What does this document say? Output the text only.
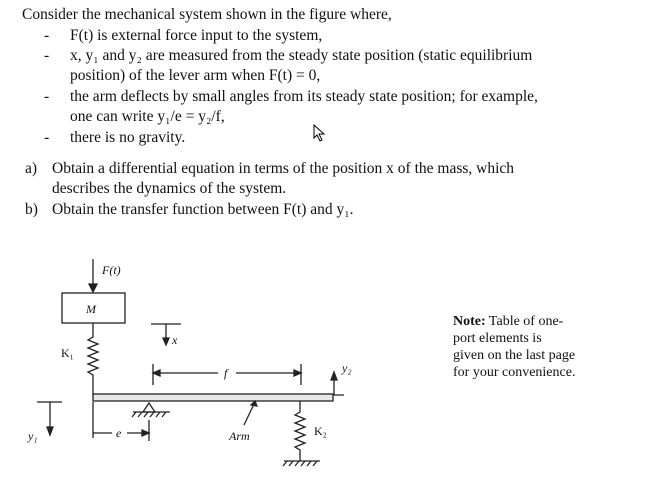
Consider the mechanical system shown in the figure where,
- F(t) is external force input to the system,
- x, y₁ and y₂ are measured from the steady state position (static equilibrium
position) of the lever arm when F(t) = 0,
- the arm deflects by small angles from its steady state position; for example,
one can write y₁/e = y₂/f,
- there is no gravity.
a) Obtain a differential equation in terms of the position x of the mass, which
describes the dynamics of the system.
b) Obtain the transfer function between F(t) and y₁.
F(t)
M
x
K₁
f	y₂
y₁	e	Arm	K₂
Note: Table of one-
port elements is
given on the last page
for your convenience.
